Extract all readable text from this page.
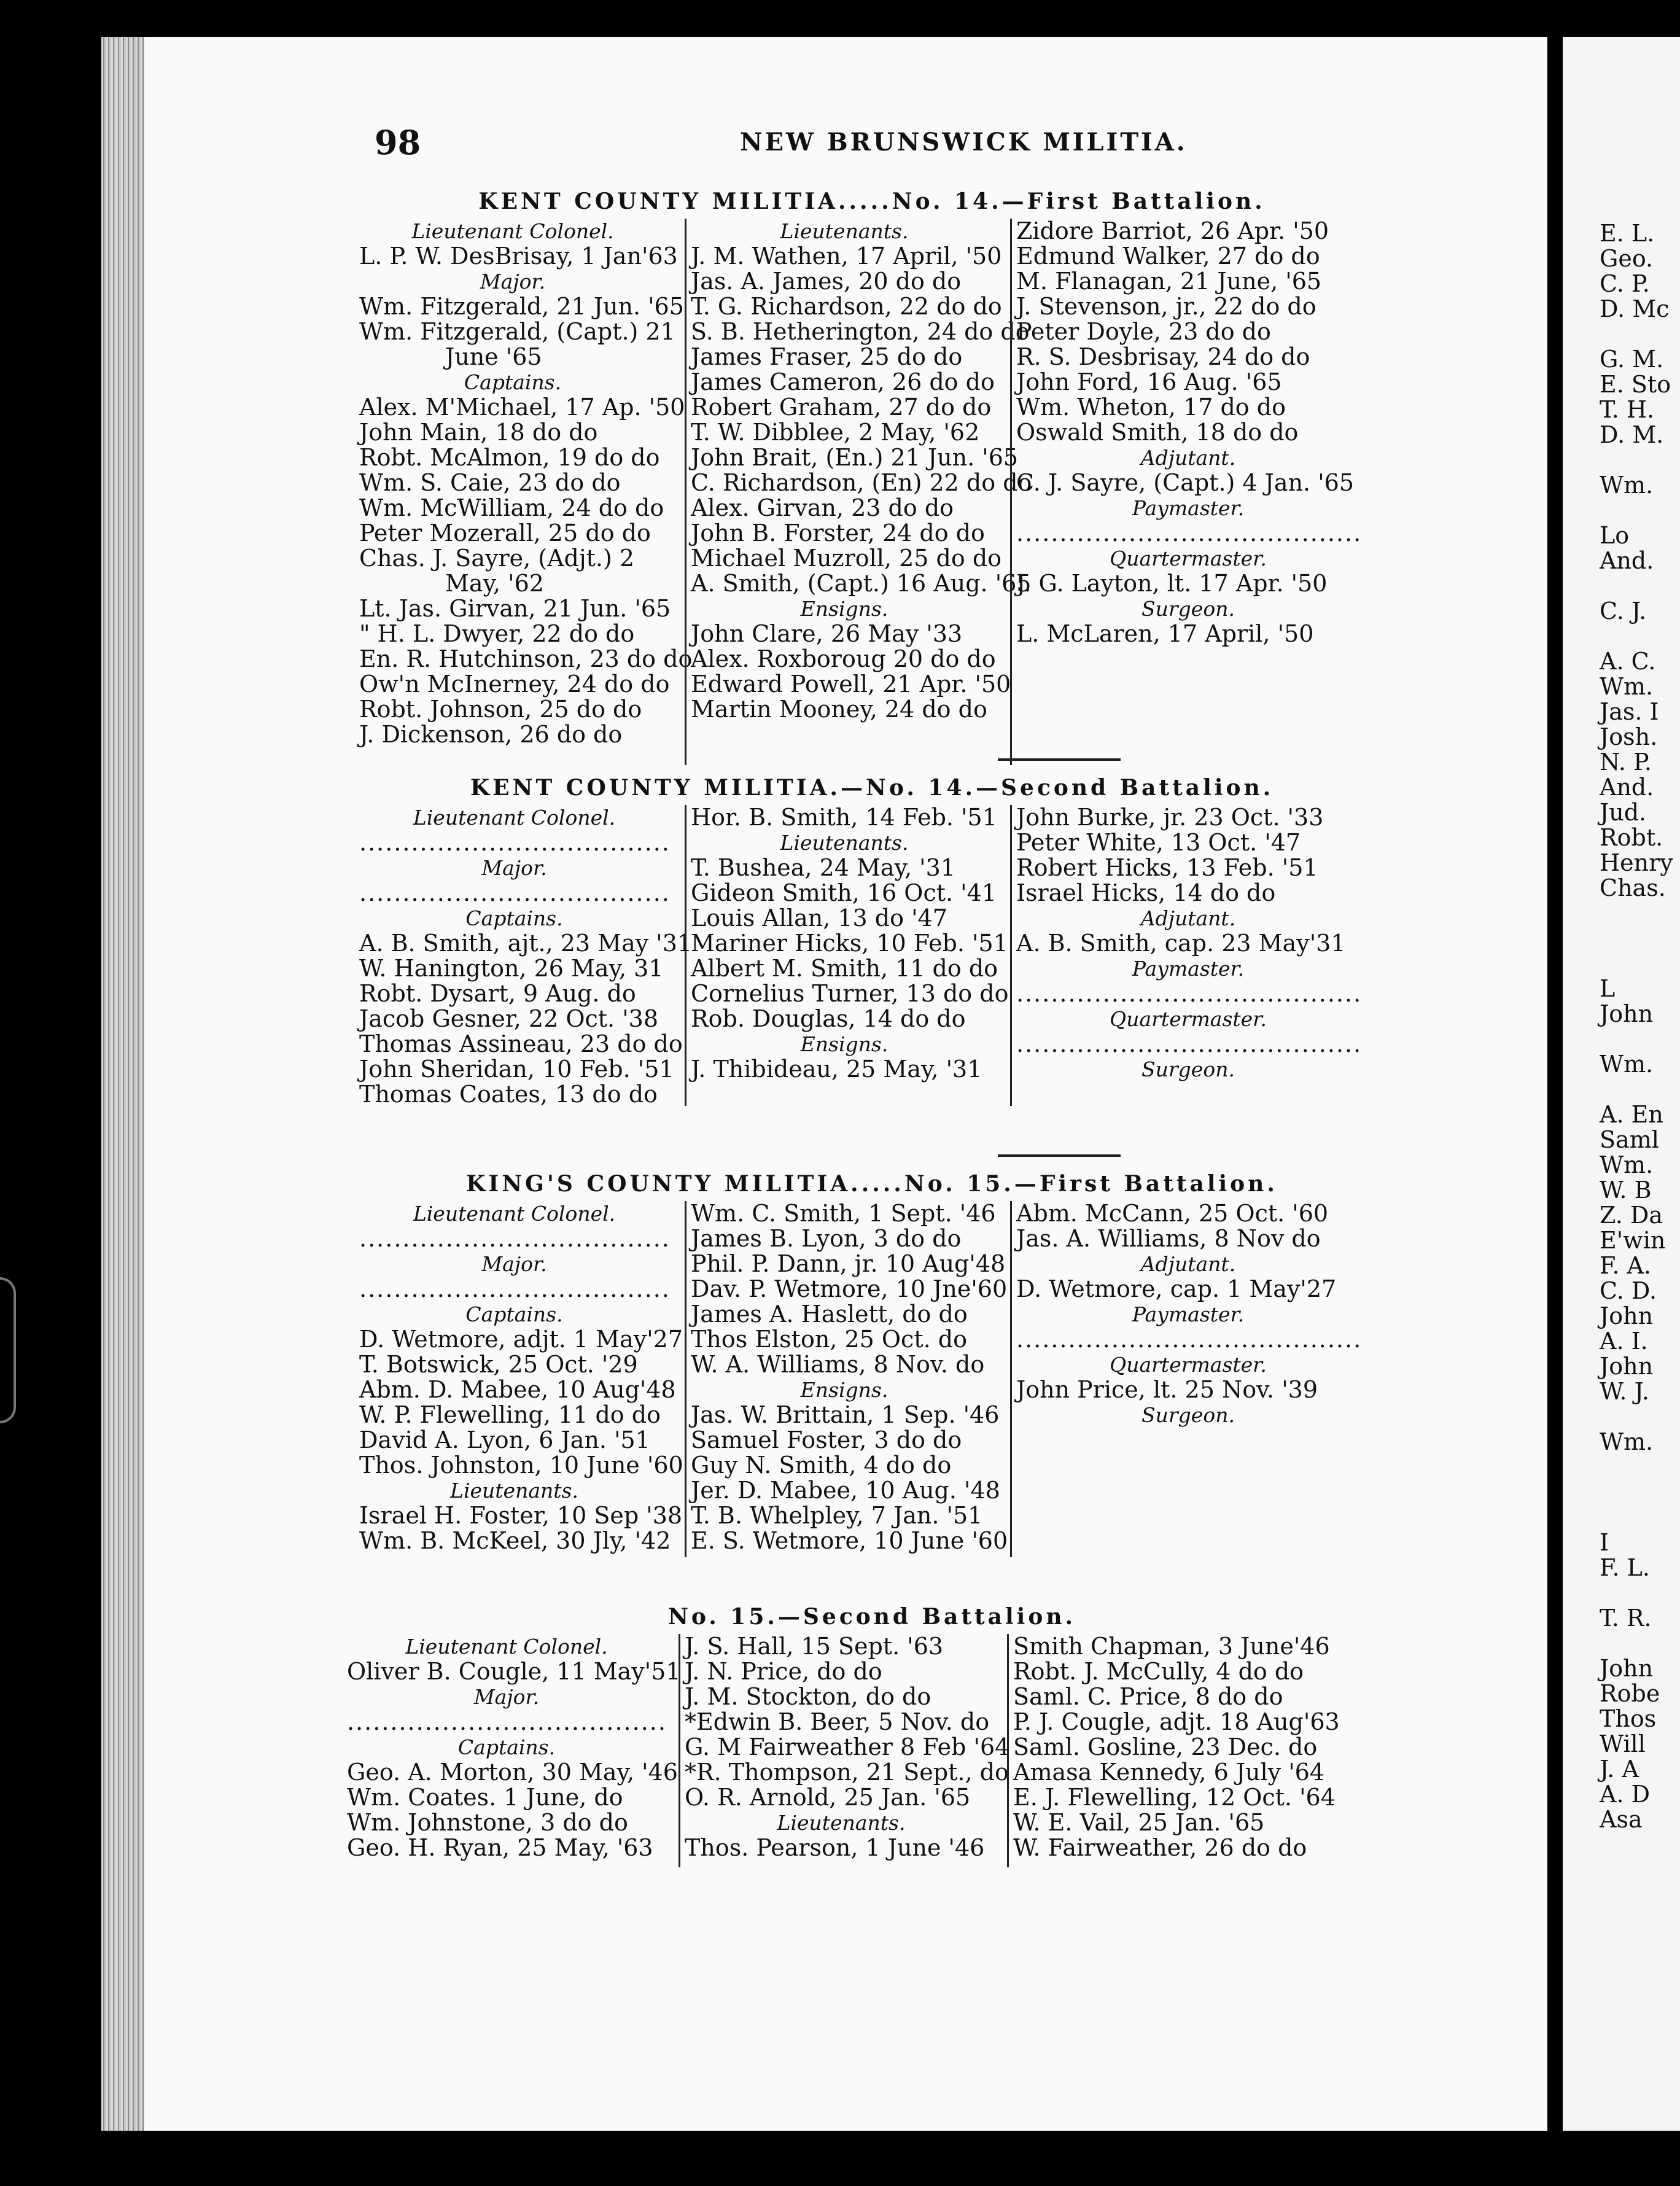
98	NEW BRUNSWICK MILITIA.
KENT COUNTY MILITIA.....No. 14.—First Battalion.
Lieutenant Colonel.
L. P. W. DesBrisay, 1 Jan'63
Major.
Wm. Fitzgerald, 21 Jun. '65
Wm. Fitzgerald, (Capt.) 21
June '65
Captains.
Alex. M'Michael, 17 Ap. '50
John Main, 18 do do
Robt. McAlmon, 19 do do
Wm. S. Caie, 23 do do
Wm. McWilliam, 24 do do
Peter Mozerall, 25 do do
Chas. J. Sayre, (Adjt.) 2
May, '62
Lt. Jas. Girvan, 21 Jun. '65
" H. L. Dwyer, 22 do do
En. R. Hutchinson, 23 do do
Ow'n McInerney, 24 do do
Robt. Johnson, 25 do do
J. Dickenson, 26 do do
Lieutenants.
J. M. Wathen, 17 April, '50
Jas. A. James, 20 do do
T. G. Richardson, 22 do do
S. B. Hetherington, 24 do do
James Fraser, 25 do do
James Cameron, 26 do do
Robert Graham, 27 do do
T. W. Dibblee, 2 May, '62
John Brait, (En.) 21 Jun. '65
C. Richardson, (En) 22 do do
Alex. Girvan, 23 do do
John B. Forster, 24 do do
Michael Muzroll, 25 do do
A. Smith, (Capt.) 16 Aug. '65
Ensigns.
John Clare, 26 May '33
Alex. Roxboroug 20 do do
Edward Powell, 21 Apr. '50
Martin Mooney, 24 do do
Zidore Barriot, 26 Apr. '50
Edmund Walker, 27 do do
M. Flanagan, 21 June, '65
J. Stevenson, jr., 22 do do
Peter Doyle, 23 do do
R. S. Desbrisay, 24 do do
John Ford, 16 Aug. '65
Wm. Wheton, 17 do do
Oswald Smith, 18 do do
Adjutant.
C. J. Sayre, (Capt.) 4 Jan. '65
Paymaster.
.....
Quartermaster.
J. G. Layton, lt. 17 Apr. '50
Surgeon.
L. McLaren, 17 April, '50
KENT COUNTY MILITIA.—No. 14.—Second Battalion.
Lieutenant Colonel.
.....
Major.
.....
Captains.
A. B. Smith, ajt., 23 May '31
W. Hanington, 26 May, 31
Robt. Dysart, 9 Aug. do
Jacob Gesner, 22 Oct. '38
Thomas Assineau, 23 do do
John Sheridan, 10 Feb. '51
Thomas Coates, 13 do do
Hor. B. Smith, 14 Feb. '51
Lieutenants.
T. Bushea, 24 May, '31
Gideon Smith, 16 Oct. '41
Louis Allan, 13 do '47
Mariner Hicks, 10 Feb. '51
Albert M. Smith, 11 do do
Cornelius Turner, 13 do do
Rob. Douglas, 14 do do
Ensigns.
J. Thibideau, 25 May, '31
John Burke, jr. 23 Oct. '33
Peter White, 13 Oct. '47
Robert Hicks, 13 Feb. '51
Israel Hicks, 14 do do
Adjutant.
A. B. Smith, cap. 23 May'31
Paymaster.
.....
Quartermaster.
.....
Surgeon.
KING'S COUNTY MILITIA.....No. 15.—First Battalion.
Lieutenant Colonel.
.....
Major.
.....
Captains.
D. Wetmore, adjt. 1 May'27
T. Botswick, 25 Oct. '29
Abm. D. Mabee, 10 Aug'48
W. P. Flewelling, 11 do do
David A. Lyon, 6 Jan. '51
Thos. Johnston, 10 June '60
Lieutenants.
Israel H. Foster, 10 Sep '38
Wm. B. McKeel, 30 Jly, '42
Wm. C. Smith, 1 Sept. '46
James B. Lyon, 3 do do
Phil. P. Dann, jr. 10 Aug'48
Dav. P. Wetmore, 10 Jne'60
James A. Haslett, do do
Thos Elston, 25 Oct. do
W. A. Williams, 8 Nov. do
Ensigns.
Jas. W. Brittain, 1 Sep. '46
Samuel Foster, 3 do do
Guy N. Smith, 4 do do
Jer. D. Mabee, 10 Aug. '48
T. B. Whelpley, 7 Jan. '51
E. S. Wetmore, 10 June '60
Abm. McCann, 25 Oct. '60
Jas. A. Williams, 8 Nov do
Adjutant.
D. Wetmore, cap. 1 May'27
Paymaster.
.....
Quartermaster.
John Price, lt. 25 Nov. '39
Surgeon.
No. 15.—Second Battalion.
Lieutenant Colonel.
Oliver B. Cougle, 11 May'51
Major.
.....
Captains.
Geo. A. Morton, 30 May, '46
Wm. Coates. 1 June, do
Wm. Johnstone, 3 do do
Geo. H. Ryan, 25 May, '63
J. S. Hall, 15 Sept. '63
J. N. Price, do do
J. M. Stockton, do do
*Edwin B. Beer, 5 Nov. do
G. M Fairweather 8 Feb '64
*R. Thompson, 21 Sept., do
O. R. Arnold, 25 Jan. '65
Lieutenants.
Thos. Pearson, 1 June '46
Smith Chapman, 3 June'46
Robt. J. McCully, 4 do do
Saml. C. Price, 8 do do
P. J. Cougle, adjt. 18 Aug'63
Saml. Gosline, 23 Dec. do
Amasa Kennedy, 6 July '64
E. J. Flewelling, 12 Oct. '64
W. E. Vail, 25 Jan. '65
W. Fairweather, 26 do do
E. L.
Geo.
C. P.
D. Mc
G. M.
E. Sto
T. H.
D. M.
Wm.
Lo
And.
C. J.
A. C.
Wm.
Jas. I
Josh.
N. P.
And.
Jud.
Robt.
Henry
Chas.
L
John
Wm.
A. En
Saml
Wm.
W. B
Z. Da
E'win
F. A.
C. D.
John
A. I.
John
W. J.
Wm.
I
F. L.
T. R.
John
Robe
Thos
Will
J. A
A. D
Asa
